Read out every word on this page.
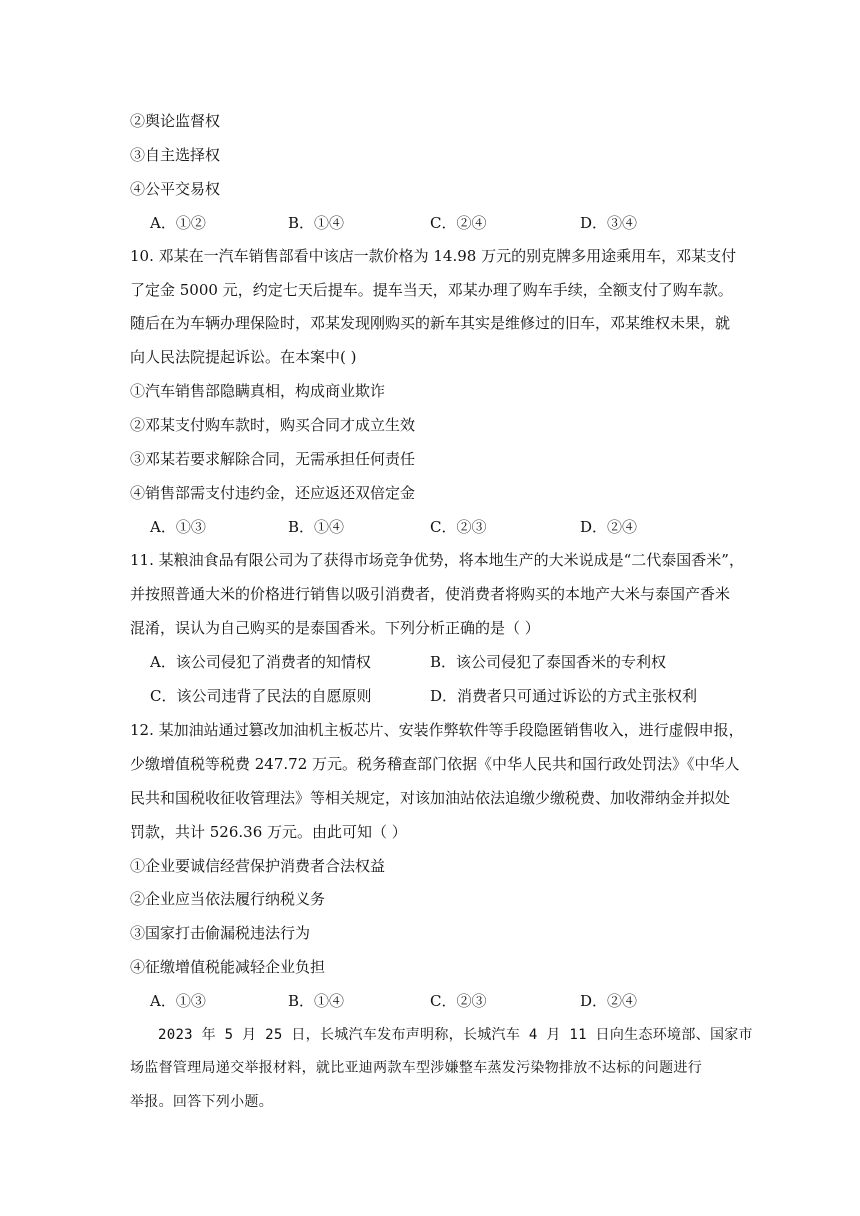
②舆论监督权
③自主选择权
④公平交易权
A．①②	B．①④	C．②④	D．③④
10. 邓某在一汽车销售部看中该店一款价格为 14.98 万元的别克牌多用途乘用车，邓某支付
了定金 5000 元，约定七天后提车。提车当天，邓某办理了购车手续，全额支付了购车款。
随后在为车辆办理保险时，邓某发现刚购买的新车其实是维修过的旧车，邓某维权未果，就
向人民法院提起诉讼。在本案中( )
①汽车销售部隐瞒真相，构成商业欺诈
②邓某支付购车款时，购买合同才成立生效
③邓某若要求解除合同，无需承担任何责任
④销售部需支付违约金，还应返还双倍定金
A．①③	B．①④	C．②③	D．②④
11. 某粮油食品有限公司为了获得市场竞争优势，将本地生产的大米说成是“二代泰国香米”，
并按照普通大米的价格进行销售以吸引消费者，使消费者将购买的本地产大米与泰国产香米
混淆，误认为自己购买的是泰国香米。下列分析正确的是（ ）
A．该公司侵犯了消费者的知情权	B．该公司侵犯了泰国香米的专利权
C．该公司违背了民法的自愿原则	D．消费者只可通过诉讼的方式主张权利
12. 某加油站通过篡改加油机主板芯片、安装作弊软件等手段隐匿销售收入，进行虚假申报，
少缴增值税等税费 247.72 万元。税务稽查部门依据《中华人民共和国行政处罚法》《中华人
民共和国税收征收管理法》等相关规定，对该加油站依法追缴少缴税费、加收滞纳金并拟处
罚款，共计 526.36 万元。由此可知（ ）
①企业要诚信经营保护消费者合法权益
②企业应当依法履行纳税义务
③国家打击偷漏税违法行为
④征缴增值税能减轻企业负担
A．①③	B．①④	C．②③	D．②④
2023 年 5 月 25 日，长城汽车发布声明称，长城汽车 4 月 11 日向生态环境部、国家市
场监督管理局递交举报材料，就比亚迪两款车型涉嫌整车蒸发污染物排放不达标的问题进行
举报。回答下列小题。
